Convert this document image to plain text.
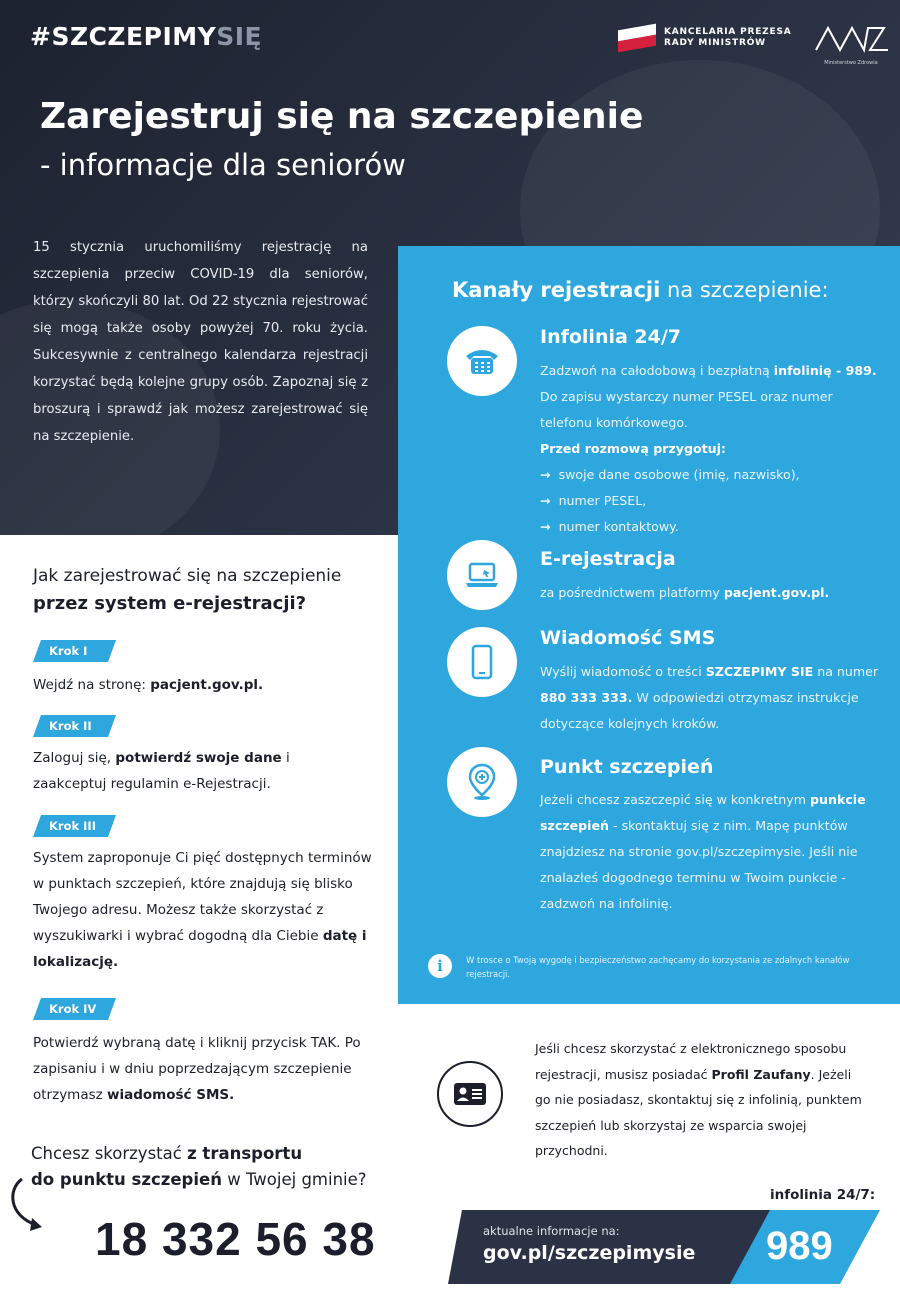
#SZCZEPIMYSIĘ	KANCELARIA PREZESA
RADY MINISTRÓW
Ministerstwo Zdrowia
Zarejestruj się na szczepienie
- informacje dla seniorów
15 stycznia uruchomiliśmy rejestrację na szczepienia przeciw COVID-19 dla seniorów, którzy skończyli 80 lat. Od 22 stycznia rejestrować się mogą także osoby powyżej 70. roku życia. Sukcesywnie z centralnego kalendarza rejestracji korzystać będą kolejne grupy osób. Zapoznaj się z broszurą i sprawdź jak możesz zarejestrować się na szczepienie.
Kanały rejestracji na szczepienie:
Infolinia 24/7
Zadzwoń na całodobową i bezpłatną infolinię - 989. Do zapisu wystarczy numer PESEL oraz numer telefonu komórkowego.
Przed rozmową przygotuj:
→ swoje dane osobowe (imię, nazwisko),
→ numer PESEL,
→ numer kontaktowy.
E-rejestracja
za pośrednictwem platformy pacjent.gov.pl.
Wiadomość SMS
Wyślij wiadomość o treści SZCZEPIMY SIE na numer 880 333 333. W odpowiedzi otrzymasz instrukcje dotyczące kolejnych kroków.
Punkt szczepień
Jeżeli chcesz zaszczepić się w konkretnym punkcie szczepień - skontaktuj się z nim. Mapę punktów znajdziesz na stronie gov.pl/szczepimysie. Jeśli nie znalazłeś dogodnego terminu w Twoim punkcie - zadzwoń na infolinię.
i	W trosce o Twoją wygodę i bezpieczeństwo zachęcamy do korzystania ze zdalnych kanałów rejestracji.
Jak zarejestrować się na szczepienie
przez system e-rejestracji?
Krok I
Wejdź na stronę: pacjent.gov.pl.
Krok II
Zaloguj się, potwierdź swoje dane i zaakceptuj regulamin e-Rejestracji.
Krok III
System zaproponuje Ci pięć dostępnych terminów w punktach szczepień, które znajdują się blisko Twojego adresu. Możesz także skorzystać z wyszukiwarki i wybrać dogodną dla Ciebie datę i lokalizację.
Krok IV
Potwierdź wybraną datę i kliknij przycisk TAK. Po zapisaniu i w dniu poprzedzającym szczepienie otrzymasz wiadomość SMS.
Chcesz skorzystać z transportu
do punktu szczepień w Twojej gminie?
18 332 56 38
Jeśli chcesz skorzystać z elektronicznego sposobu rejestracji, musisz posiadać Profil Zaufany. Jeżeli go nie posiadasz, skontaktuj się z infolinią, punktem szczepień lub skorzystaj ze wsparcia swojej przychodni.
infolinia 24/7:
aktualne informacje na:
gov.pl/szczepimysie 989
